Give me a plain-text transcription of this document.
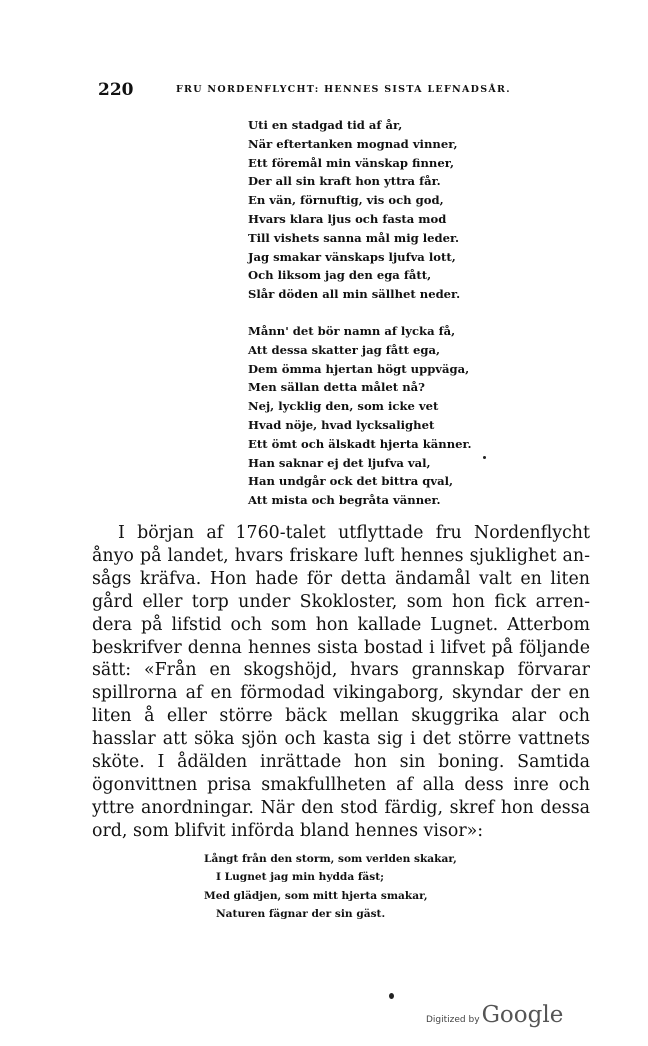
220	FRU NORDENFLYCHT: HENNES SISTA LEFNADSÅR.
Uti en stadgad tid af år,
När eftertanken mognad vinner,
Ett föremål min vänskap finner,
Der all sin kraft hon yttra får.
En vän, förnuftig, vis och god,
Hvars klara ljus och fasta mod
Till vishets sanna mål mig leder.
Jag smakar vänskaps ljufva lott,
Och liksom jag den ega fått,
Slår döden all min sällhet neder.
Månn' det bör namn af lycka få,
Att dessa skatter jag fått ega,
Dem ömma hjertan högt uppväga,
Men sällan detta målet nå?
Nej, lycklig den, som icke vet
Hvad nöje, hvad lycksalighet
Ett ömt och älskadt hjerta känner.
Han saknar ej det ljufva val,
Han undgår ock det bittra qval,
Att mista och begråta vänner.

I början af 1760-talet utflyttade fru Nordenflycht ånyo på landet, hvars friskare luft hennes sjuklighet ansågs kräfva. Hon hade för detta ändamål valt en liten gård eller torp under Skokloster, som hon fick arrendera på lifstid och som hon kallade Lugnet. Atterbom beskrifver denna hennes sista bostad i lifvet på följande sätt: «Från en skogshöjd, hvars grannskap förvarar spillrorna af en förmodad vikingaborg, skyndar der en liten å eller större bäck mellan skuggrika alar och hasslar att söka sjön och kasta sig i det större vattnets sköte. I ådälden inrättade hon sin boning. Samtida ögonvittnen prisa smakfullheten af alla dess inre och yttre anordningar. När den stod färdig, skref hon dessa ord, som blifvit införda bland hennes visor»:

Långt från den storm, som verlden skakar,
I Lugnet jag min hydda fäst;
Med glädjen, som mitt hjerta smakar,
Naturen fägnar der sin gäst.
Digitized by Google
